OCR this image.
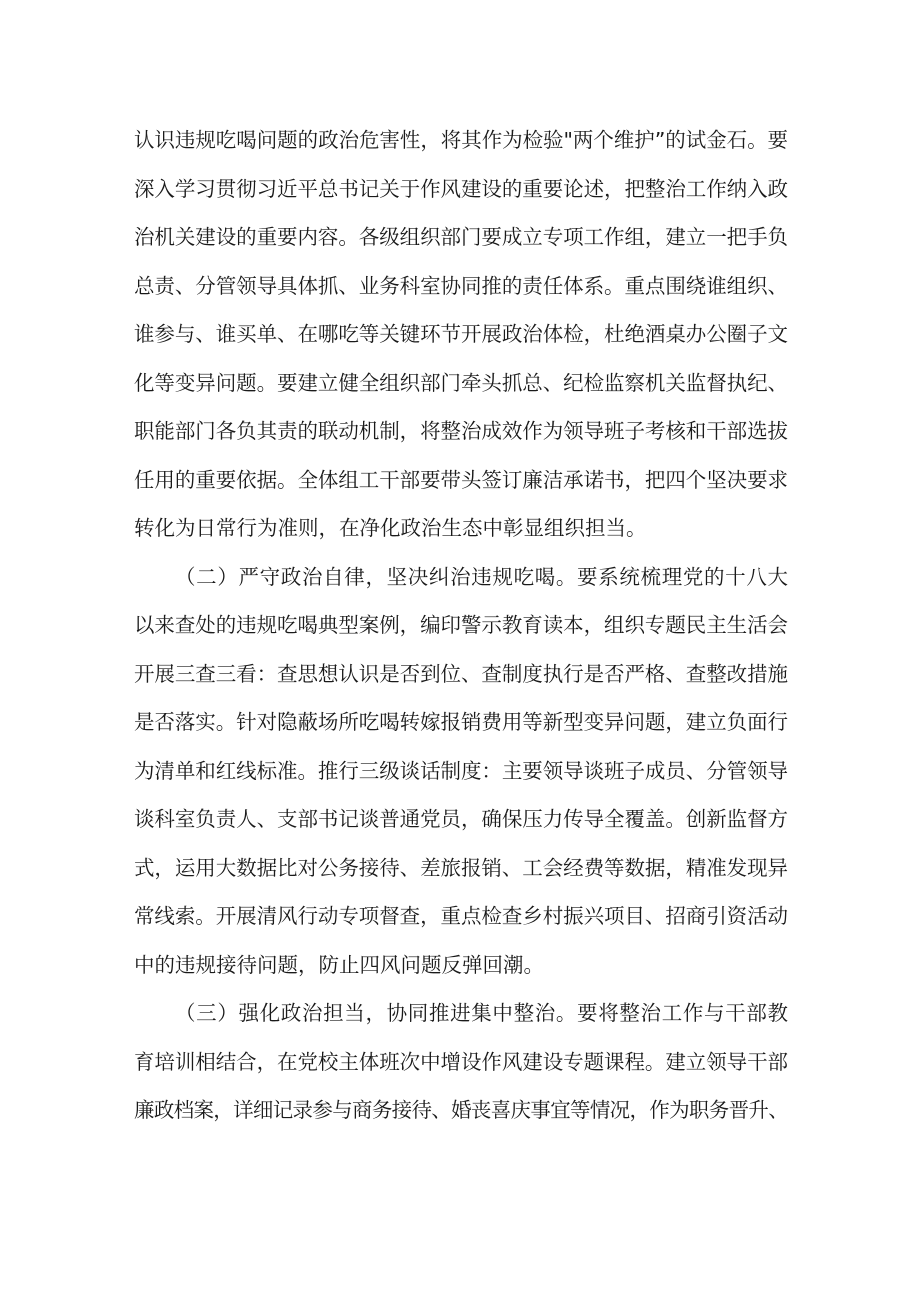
认识违规吃喝问题的政治危害性，将其作为检验"两个维护”的试金石。要
深入学习贯彻习近平总书记关于作风建设的重要论述，把整治工作纳入政
治机关建设的重要内容。各级组织部门要成立专项工作组，建立一把手负
总责、分管领导具体抓、业务科室协同推的责任体系。重点围绕谁组织、
谁参与、谁买单、在哪吃等关键环节开展政治体检，杜绝酒桌办公圈子文
化等变异问题。要建立健全组织部门牵头抓总、纪检监察机关监督执纪、
职能部门各负其责的联动机制，将整治成效作为领导班子考核和干部选拔
任用的重要依据。全体组工干部要带头签订廉洁承诺书，把四个坚决要求
转化为日常行为准则，在净化政治生态中彰显组织担当。
（二）严守政治自律，坚决纠治违规吃喝。要系统梳理党的十八大
以来查处的违规吃喝典型案例，编印警示教育读本，组织专题民主生活会
开展三查三看：查思想认识是否到位、查制度执行是否严格、查整改措施
是否落实。针对隐蔽场所吃喝转嫁报销费用等新型变异问题，建立负面行
为清单和红线标准。推行三级谈话制度：主要领导谈班子成员、分管领导
谈科室负责人、支部书记谈普通党员，确保压力传导全覆盖。创新监督方
式，运用大数据比对公务接待、差旅报销、工会经费等数据，精准发现异
常线索。开展清风行动专项督查，重点检查乡村振兴项目、招商引资活动
中的违规接待问题，防止四风问题反弹回潮。
（三）强化政治担当，协同推进集中整治。要将整治工作与干部教
育培训相结合，在党校主体班次中增设作风建设专题课程。建立领导干部
廉政档案，详细记录参与商务接待、婚丧喜庆事宜等情况，作为职务晋升、
